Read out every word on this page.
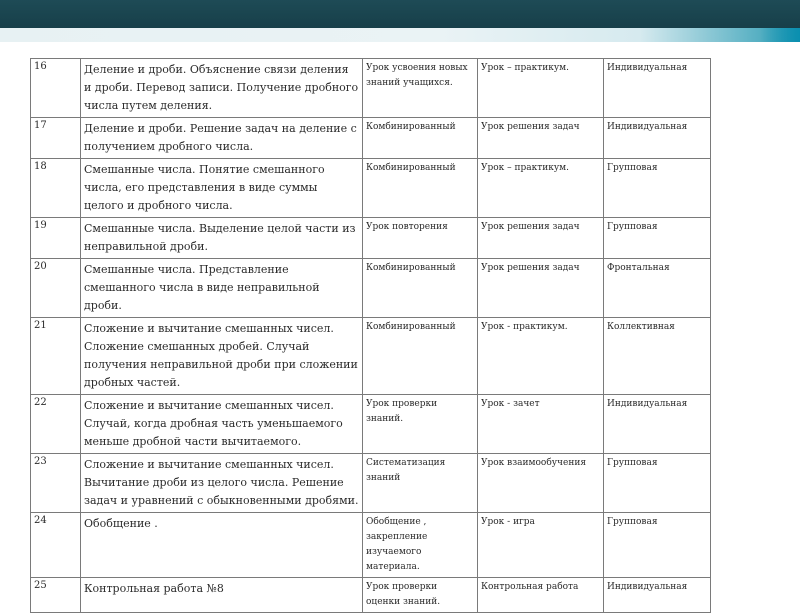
16	Деление и дроби. Объяснение связи деления и дроби. Перевод записи. Получение дробного числа путем деления.	Урок усвоения новых знаний учащихся.	Урок – практикум.	Индивидуальная
17	Деление и дроби. Решение задач на деление с получением дробного числа.	Комбинированный	Урок решения задач	Индивидуальная
18	Смешанные числа. Понятие смешанного числа, его представления в виде суммы целого и дробного числа.	Комбинированный	Урок – практикум.	Групповая
19	Смешанные числа. Выделение целой части из неправильной дроби.	Урок повторения	Урок решения задач	Групповая
20	Смешанные числа. Представление смешанного числа в виде неправильной дроби.	Комбинированный	Урок решения задач	Фронтальная
21	Сложение и вычитание смешанных чисел. Сложение смешанных дробей. Случай получения неправильной дроби при сложении дробных частей.	Комбинированный	Урок - практикум.	Коллективная
22	Сложение и вычитание смешанных чисел. Случай, когда дробная часть уменьшаемого меньше дробной части вычитаемого.	Урок проверки знаний.	Урок - зачет	Индивидуальная
23	Сложение и вычитание смешанных чисел. Вычитание дроби из целого числа. Решение задач и уравнений с обыкновенными дробями.	Систематизация знаний	Урок взаимообучения	Групповая
24	Обобщение .	Обобщение , закрепление изучаемого материала.	Урок - игра	Групповая
25	Контрольная работа №8	Урок проверки оценки знаний.	Контрольная работа	Индивидуальная
